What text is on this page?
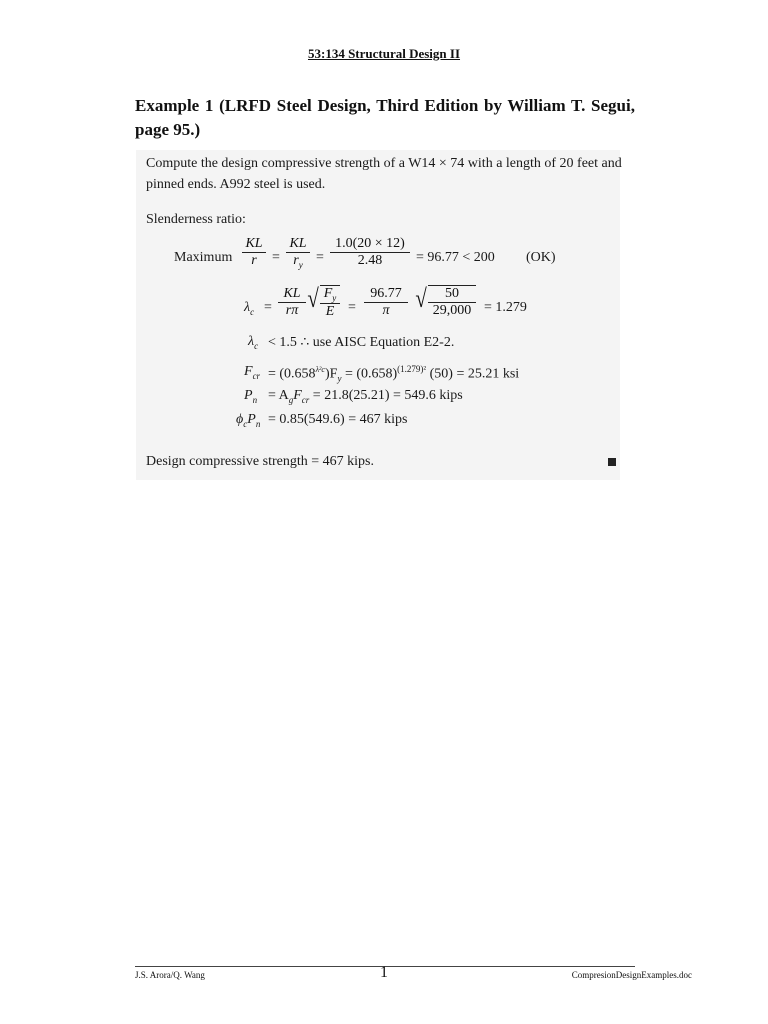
53:134 Structural Design II
Example 1 (LRFD Steel Design, Third Edition by William T. Segui, page 95.)
Compute the design compressive strength of a W14 × 74 with a length of 20 feet and
pinned ends. A992 steel is used.
Slenderness ratio:
Maximum $\frac{KL}{r} = \frac{KL}{r_y} = \frac{1.0(20 \times 12)}{2.48} = 96.77 < 200$ (OK)
$\lambda_c = \frac{KL}{r\pi}$ √ $\frac{F_y}{E} = \frac{96.77}{\pi}$ √ $\frac{50}{29,000} = 1.279$
$\lambda_c < 1.5$ ∴ use AISC Equation E2-2.
$F_{cr} = (0.658^{\lambda^2c})F_y = (0.658)^{(1.279)^2}$ (50) = 25.21 ksi
$P_n = A_gF_{cr} = 21.8(25.21) = 549.6$ kips
$\phi_cP_n = 0.85(549.6) = 467$ kips
Design compressive strength = 467 kips.
J.S. Arora/Q. Wang	1	CompresionDesignExamples.doc
